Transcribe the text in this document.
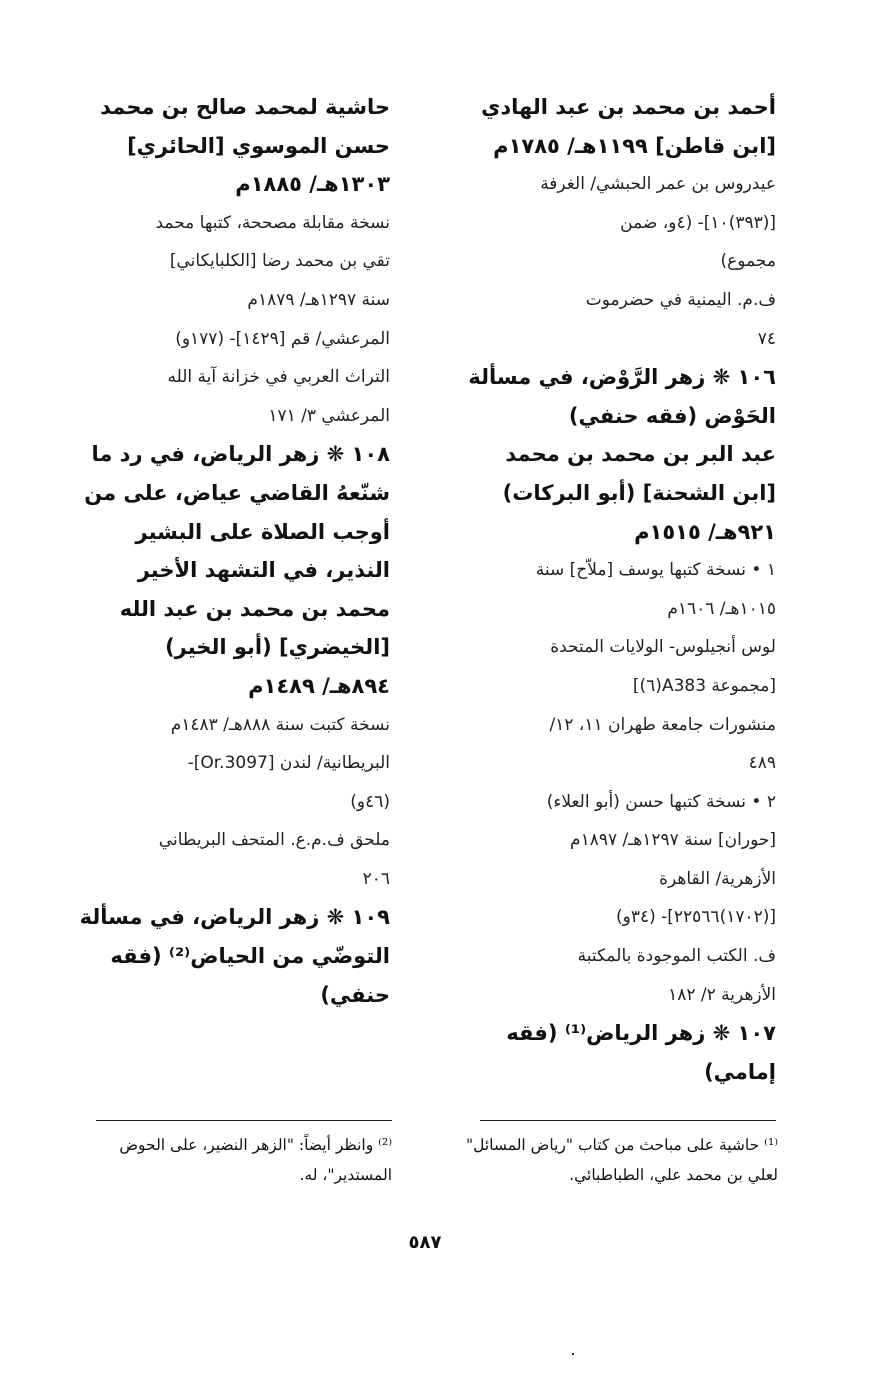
أحمد بن محمد بن عبد الهادي
[ابن قاطن] ١١٩٩هـ/ ١٧٨٥م
عيدروس بن عمر الحبشي/ الغرفة
[(٣٩٣)١٠]- (٤و، ضمن
مجموع)
ف.م. اليمنية في حضرموت
٧٤
١٠٦ ❋ زهر الرَّوْض، في مسألة
الحَوْض (فقه حنفي)
عبد البر بن محمد بن محمد
[ابن الشحنة] (أبو البركات)
٩٢١هـ/ ١٥١٥م
١ • نسخة كتبها يوسف [ملاّح] سنة
١٠١٥هـ/ ١٦٠٦م
لوس أنجيلوس- الولايات المتحدة
[مجموعة A383(٦)]
منشورات جامعة طهران ١١، ١٢/
٤٨٩
٢ • نسخة كتبها حسن (أبو العلاء)
[حوران] سنة ١٢٩٧هـ/ ١٨٩٧م
الأزهرية/ القاهرة
[(١٧٠٢)٢٢٥٦٦]- (٣٤و)
ف. الكتب الموجودة بالمكتبة
الأزهرية ٢/ ١٨٢
١٠٧ ❋ زهر الرياض⁽¹⁾ (فقه
إمامي)
حاشية لمحمد صالح بن محمد
حسن الموسوي [الحائري]
١٣٠٣هـ/ ١٨٨٥م
نسخة مقابلة مصححة، كتبها محمد
تقي بن محمد رضا [الكلبايكاني]
سنة ١٢٩٧هـ/ ١٨٧٩م
المرعشي/ قم [١٤٢٩]- (١٧٧و)
التراث العربي في خزانة آية الله
المرعشي ٣/ ١٧١
١٠٨ ❋ زهر الرياض، في رد ما
شنّعهُ القاضي عياض، على من
أوجب الصلاة على البشير
النذير، في التشهد الأخير
محمد بن محمد بن عبد الله
[الخيضري] (أبو الخير)
٨٩٤هـ/ ١٤٨٩م
نسخة كتبت سنة ٨٨٨هـ/ ١٤٨٣م
البريطانية/ لندن [Or.3097]-
(٤٦و)
ملحق ف.م.ع. المتحف البريطاني
٢٠٦
١٠٩ ❋ زهر الرياض، في مسألة
التوضّي من الحياض⁽²⁾ (فقه
حنفي)
⁽¹⁾ حاشية على مباحث من كتاب "رياض المسائل"
لعلي بن محمد علي، الطباطبائي.
⁽²⁾ وانظر أيضاً: "الزهر النضير، على الحوض
المستدير"، له.
٥٨٧
